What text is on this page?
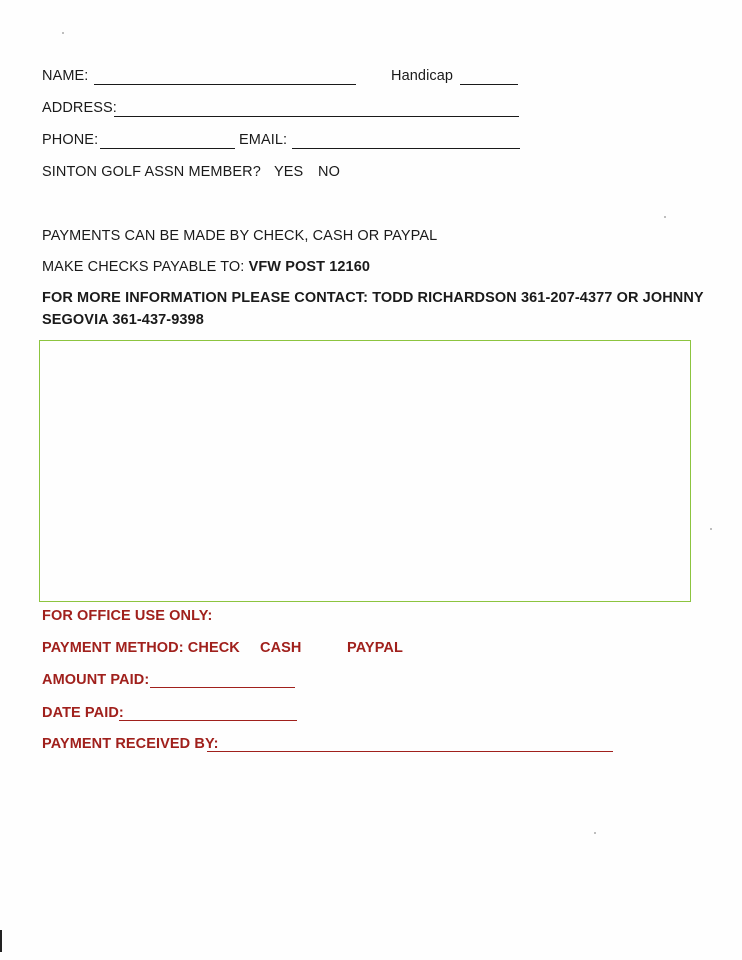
NAME:	Handicap
ADDRESS:
PHONE:	EMAIL:
SINTON GOLF ASSN MEMBER? YES NO
PAYMENTS CAN BE MADE BY CHECK, CASH OR PAYPAL
MAKE CHECKS PAYABLE TO: VFW POST 12160
FOR MORE INFORMATION PLEASE CONTACT: TODD RICHARDSON 361-207-4377 OR JOHNNY
SEGOVIA 361-437-9398
FOR OFFICE USE ONLY:
PAYMENT METHOD: CHECK CASH	PAYPAL
AMOUNT PAID:
DATE PAID:
PAYMENT RECEIVED BY:
